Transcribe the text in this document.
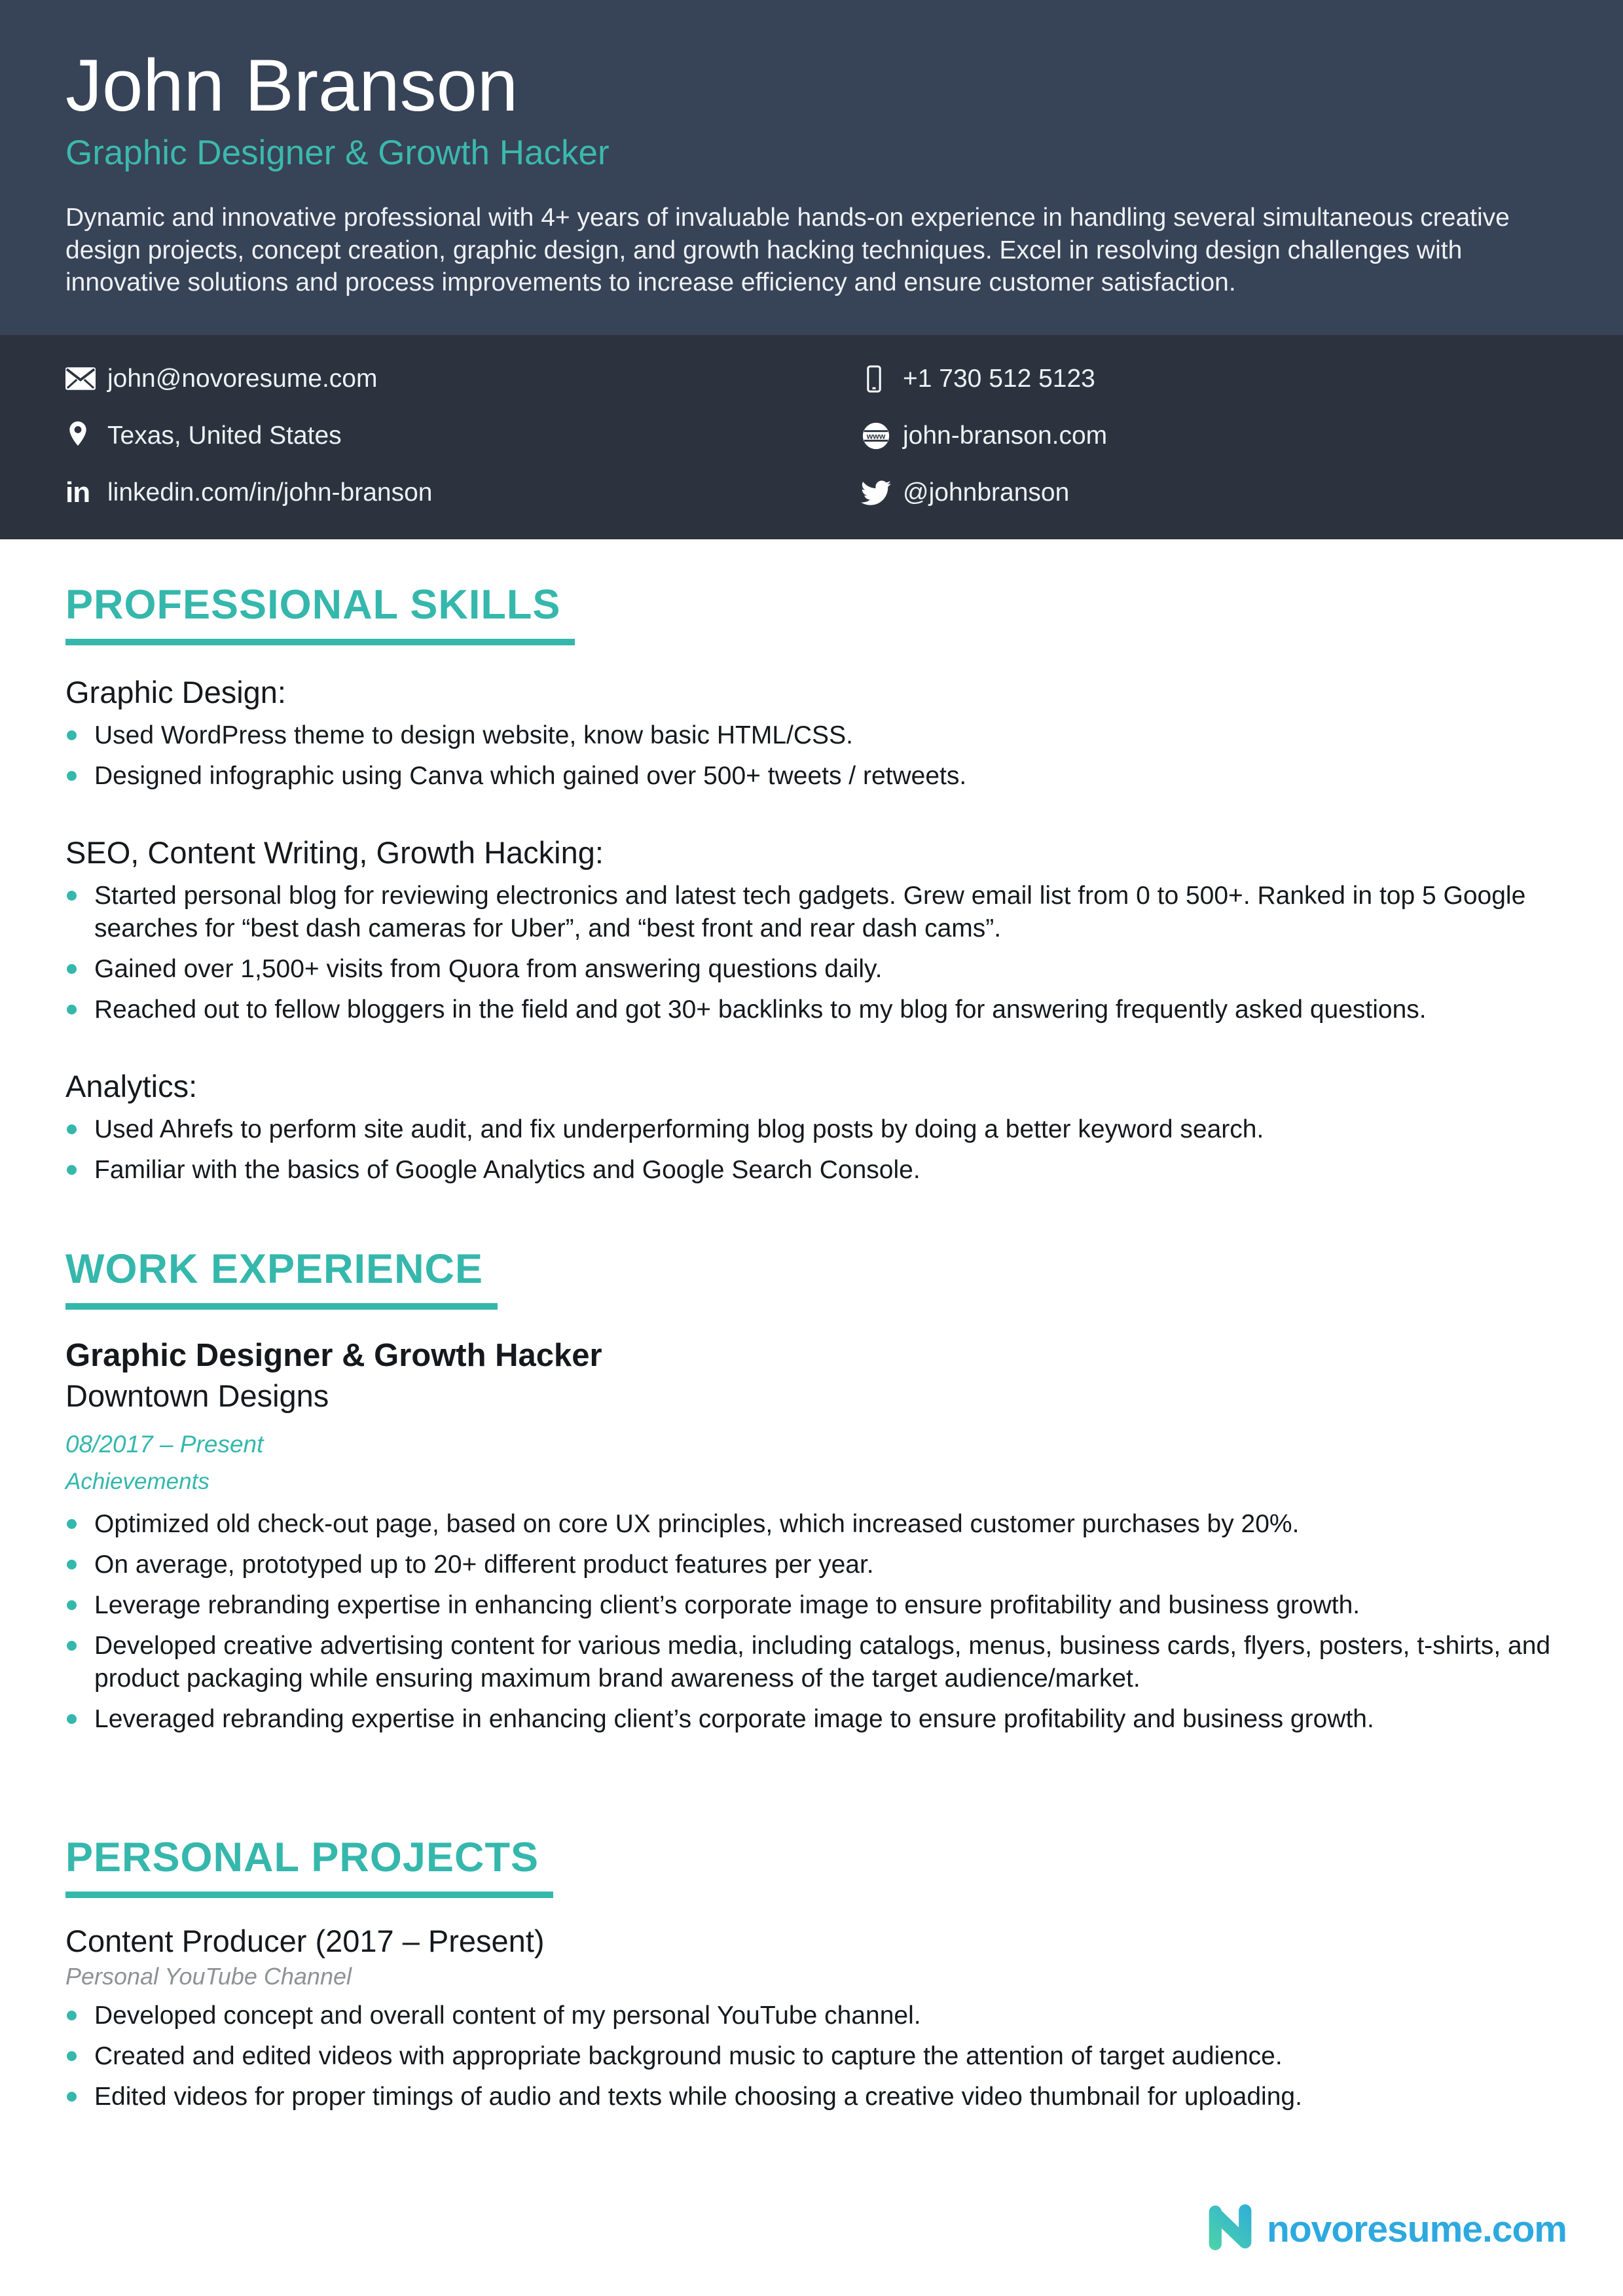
John Branson
Graphic Designer & Growth Hacker
Dynamic and innovative professional with 4+ years of invaluable hands-on experience in handling several simultaneous creative design projects, concept creation, graphic design, and growth hacking techniques. Excel in resolving design challenges with innovative solutions and process improvements to increase efficiency and ensure customer satisfaction.
john@novoresume.com	+1 730 512 5123
Texas, United States	www john-branson.com
in linkedin.com/in/john-branson	@johnbranson
PROFESSIONAL SKILLS
Graphic Design:
Used WordPress theme to design website, know basic HTML/CSS.
Designed infographic using Canva which gained over 500+ tweets / retweets.
SEO, Content Writing, Growth Hacking:
Started personal blog for reviewing electronics and latest tech gadgets. Grew email list from 0 to 500+. Ranked in top 5 Google searches for “best dash cameras for Uber”, and “best front and rear dash cams”.
Gained over 1,500+ visits from Quora from answering questions daily.
Reached out to fellow bloggers in the field and got 30+ backlinks to my blog for answering frequently asked questions.
Analytics:
Used Ahrefs to perform site audit, and fix underperforming blog posts by doing a better keyword search.
Familiar with the basics of Google Analytics and Google Search Console.
WORK EXPERIENCE
Graphic Designer & Growth Hacker
Downtown Designs
08/2017 – Present
Achievements
Optimized old check-out page, based on core UX principles, which increased customer purchases by 20%.
On average, prototyped up to 20+ different product features per year.
Leverage rebranding expertise in enhancing client’s corporate image to ensure profitability and business growth.
Developed creative advertising content for various media, including catalogs, menus, business cards, flyers, posters, t-shirts, and product packaging while ensuring maximum brand awareness of the target audience/market.
Leveraged rebranding expertise in enhancing client’s corporate image to ensure profitability and business growth.
PERSONAL PROJECTS
Content Producer (2017 – Present)
Personal YouTube Channel
Developed concept and overall content of my personal YouTube channel.
Created and edited videos with appropriate background music to capture the attention of target audience.
Edited videos for proper timings of audio and texts while choosing a creative video thumbnail for uploading.
novoresume.com
